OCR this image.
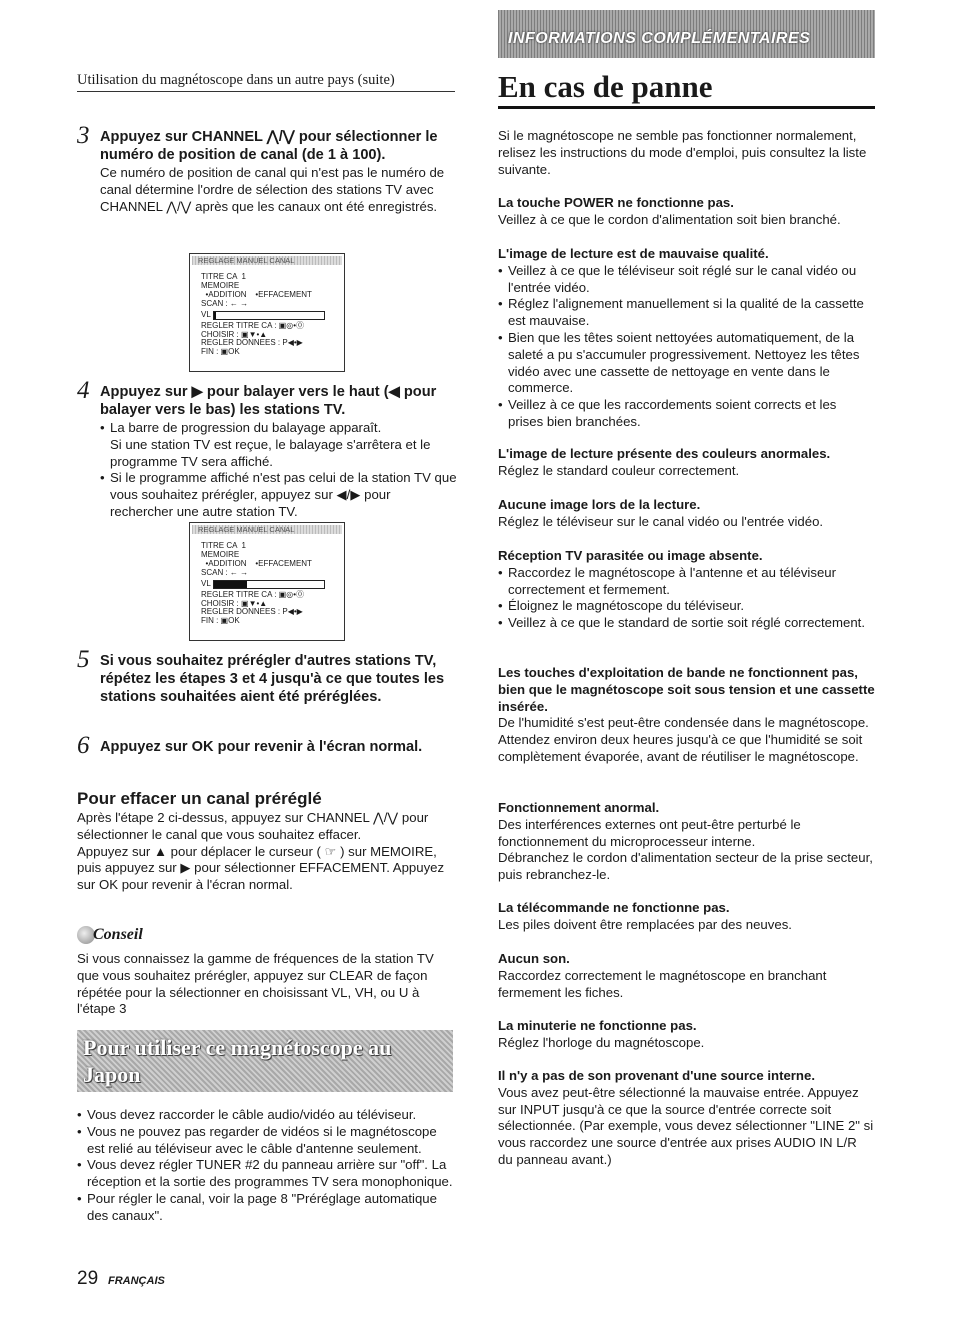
Utilisation du magnétoscope dans un autre pays (suite)
3 Appuyez sur CHANNEL ⋀/⋁ pour sélectionner le numéro de position de canal (de 1 à 100).

Ce numéro de position de canal qui n'est pas le numéro de canal détermine l'ordre de sélection des stations TV avec CHANNEL ⋀/⋁ après que les canaux ont été enregistrés.

REGLAGE MANUEL CANAL
TITRE CA  1
MEMOIRE
•ADDITION    •EFFACEMENT
SCAN : ← →
VL
REGLER TITRE CA : ▣◎•⓪
CHOISIR : ▣▼•▲
REGLER DONNEES : P◀•▶
FIN : ▣OK
4 Appuyez sur ▶ pour balayer vers le haut (◀ pour balayer vers le bas) les stations TV.

• La barre de progression du balayage apparaît.
Si une station TV est reçue, le balayage s'arrêtera et le programme TV sera affiché.

• Si le programme affiché n'est pas celui de la station TV que vous souhaitez prérégler, appuyez sur ◀/▶ pour rechercher une autre station TV.

REGLAGE MANUEL CANAL
TITRE CA  1
MEMOIRE
•ADDITION    •EFFACEMENT
SCAN : ← →
VL
REGLER TITRE CA : ▣◎•⓪
CHOISIR : ▣▼•▲
REGLER DONNEES : P◀•▶
FIN : ▣OK
5 Si vous souhaitez prérégler d'autres stations TV, répétez les étapes 3 et 4 jusqu'à ce que toutes les stations souhaitées aient été préréglées.
6 Appuyez sur OK pour revenir à l'écran normal.
Pour effacer un canal préréglé

Après l'étape 2 ci-dessus, appuyez sur CHANNEL ⋀/⋁ pour sélectionner le canal que vous souhaitez effacer.

Appuyez sur ▲ pour déplacer le curseur ( ☞ ) sur MEMOIRE, puis appuyez sur ▶ pour sélectionner EFFACEMENT. Appuyez sur OK pour revenir à l'écran normal.

Conseil

Si vous connaissez la gamme de fréquences de la station TV que vous souhaitez prérégler, appuyez sur CLEAR de façon répétée pour la sélectionner en choisissant VL, VH, ou U à l'étape 3

Pour utiliser ce magnétoscope au Japon

• Vous devez raccorder le câble audio/vidéo au téléviseur.

• Vous ne pouvez pas regarder de vidéos si le magnétoscope est relié au téléviseur avec le câble d'antenne seulement.

• Vous devez régler TUNER #2 du panneau arrière sur "off". La réception et la sortie des programmes TV sera monophonique.

• Pour régler le canal, voir la page 8 "Préréglage automatique des canaux".

29 FRANÇAIS
INFORMATIONS COMPLÉMENTAIRES
En cas de panne

Si le magnétoscope ne semble pas fonctionner normalement, relisez les instructions du mode d'emploi, puis consultez la liste suivante.

La touche POWER ne fonctionne pas.

Veillez à ce que le cordon d'alimentation soit bien branché.

L'image de lecture est de mauvaise qualité.

• Veillez à ce que le téléviseur soit réglé sur le canal vidéo ou l'entrée vidéo.

• Réglez l'alignement manuellement si la qualité de la cassette est mauvaise.

• Bien que les têtes soient nettoyées automatiquement, de la saleté a pu s'accumuler progressivement. Nettoyez les têtes vidéo avec une cassette de nettoyage en vente dans le commerce.

• Veillez à ce que les raccordements soient corrects et les prises bien branchées.

L'image de lecture présente des couleurs anormales.

Réglez le standard couleur correctement.

Aucune image lors de la lecture.

Réglez le téléviseur sur le canal vidéo ou l'entrée vidéo.

Réception TV parasitée ou image absente.

• Raccordez le magnétoscope à l'antenne et au téléviseur correctement et fermement.

• Éloignez le magnétoscope du téléviseur.

• Veillez à ce que le standard de sortie soit réglé correctement.

Les touches d'exploitation de bande ne fonctionnent pas, bien que le magnétoscope soit sous tension et une cassette insérée.

De l'humidité s'est peut-être condensée dans le magnétoscope. Attendez environ deux heures jusqu'à ce que l'humidité se soit complètement évaporée, avant de réutiliser le magnétoscope.

Fonctionnement anormal.

Des interférences externes ont peut-être perturbé le fonctionnement du microprocesseur interne.

Débranchez le cordon d'alimentation secteur de la prise secteur, puis rebranchez-le.

La télécommande ne fonctionne pas.

Les piles doivent être remplacées par des neuves.

Aucun son.

Raccordez correctement le magnétoscope en branchant fermement les fiches.

La minuterie ne fonctionne pas.

Réglez l'horloge du magnétoscope.

Il n'y a pas de son provenant d'une source interne.

Vous avez peut-être sélectionné la mauvaise entrée. Appuyez sur INPUT jusqu'à ce que la source d'entrée correcte soit sélectionnée. (Par exemple, vous devez sélectionner "LINE 2" si vous raccordez une source d'entrée aux prises AUDIO IN L/R du panneau avant.)
